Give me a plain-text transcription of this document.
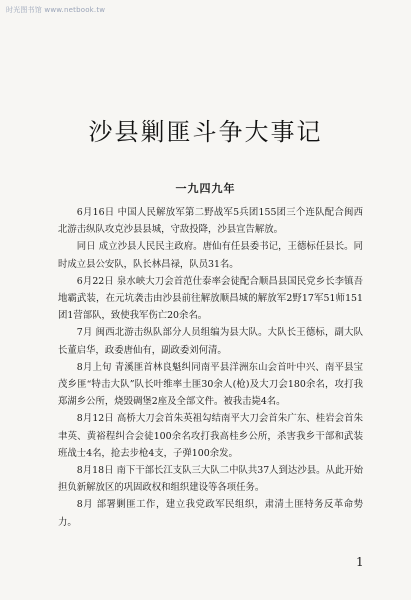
时光图书馆 www.netbook.tw
沙县剿匪斗争大事记
一九四九年

6月16日 中国人民解放军第二野战军5兵团155团三个连队配合闽西北游击纵队攻克沙县县城，守敌投降，沙县宣告解放。

同日 成立沙县人民民主政府。唐仙有任县委书记，王德标任县长。同时成立县公安队，队长林昌禄，队员31名。

6月22日 泉水峡大刀会首范仕泰率会徒配合顺昌县国民党乡长李镇吾地霸武装，在元坑袭击由沙县前往解放顺昌城的解放军2野17军51师151团1营部队，致使我军伤亡20余名。

7月 闽西北游击纵队部分人员组编为县大队。大队长王德标，副大队长董启华，政委唐仙有，副政委刘何清。

8月上旬 青溪匪首林良魁纠同南平县洋洲东山会首叶中兴、南平县宝茂乡匪“特击大队”队长叶维率土匪30余人(枪)及大刀会180余名，攻打我郑湖乡公所，烧毁碉堡2座及全部文件。被我击毙4名。

8月12日 高桥大刀会首朱英祖勾结南平大刀会首朱广东、桂岩会首朱聿英、黄裕程纠合会徒100余名攻打我高桂乡公所，杀害我乡干部和武装班战士4名，抢去步枪4支，子弹100余发。

8月18日 南下干部长江支队三大队二中队共37人到达沙县。从此开始担负新解放区的巩固政权和组织建设等各项任务。

8月 部署剿匪工作，建立我党政军民组织，肃清土匪特务反革命势力。

1
